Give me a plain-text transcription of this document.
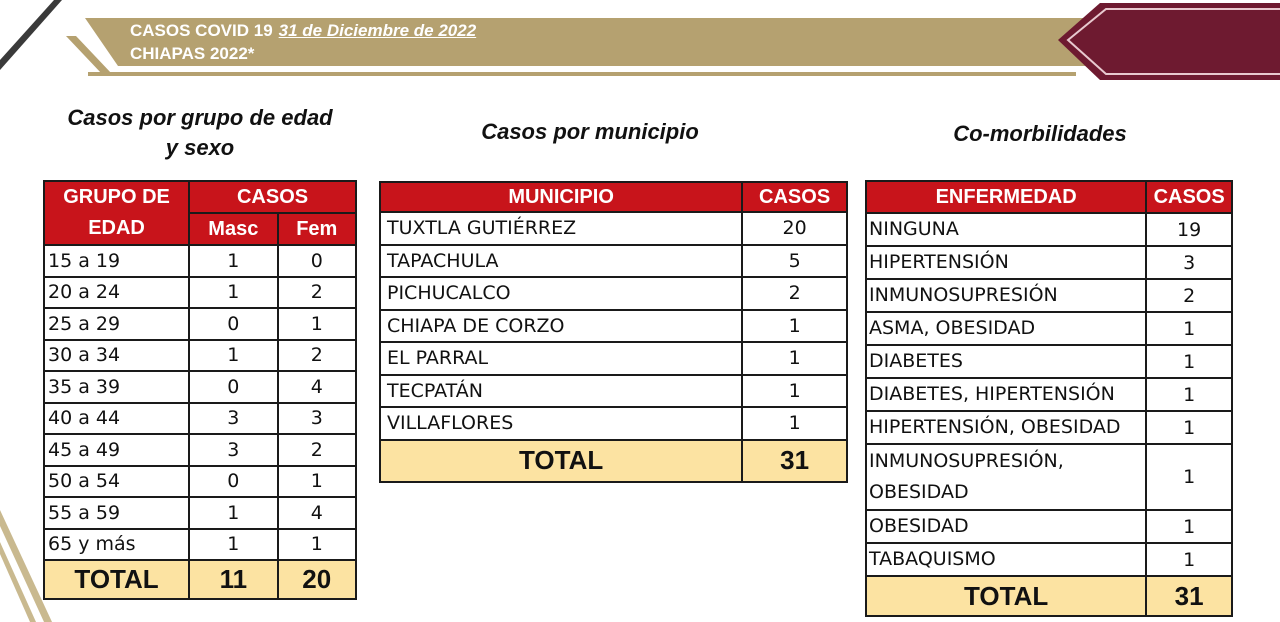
CASOS COVID 19 31 de Diciembre de 2022
CHIAPAS 2022*
Casos por grupo de edad y sexo
Casos por municipio	Co-morbilidades
GRUPO DE EDAD	CASOS	
	Masc	Fem
15 a 19	1	0
20 a 24	1	2
25 a 29	0	1
30 a 34	1	2
35 a 39	0	4
40 a 44	3	3
45 a 49	3	2
50 a 54	0	1
55 a 59	1	4
65 y más	1	1
TOTAL	11	20
MUNICIPIO	CASOS
TUXTLA GUTIÉRREZ	20
TAPACHULA	5
PICHUCALCO	2
CHIAPA DE CORZO	1
EL PARRAL	1
TECPATÁN	1
VILLAFLORES	1
TOTAL	31
ENFERMEDAD	CASOS
NINGUNA	19
HIPERTENSIÓN	3
INMUNOSUPRESIÓN	2
ASMA, OBESIDAD	1
DIABETES	1
DIABETES, HIPERTENSIÓN	1
HIPERTENSIÓN, OBESIDAD	1
INMUNOSUPRESIÓN, OBESIDAD	1
OBESIDAD	1
TABAQUISMO	1
TOTAL	31
